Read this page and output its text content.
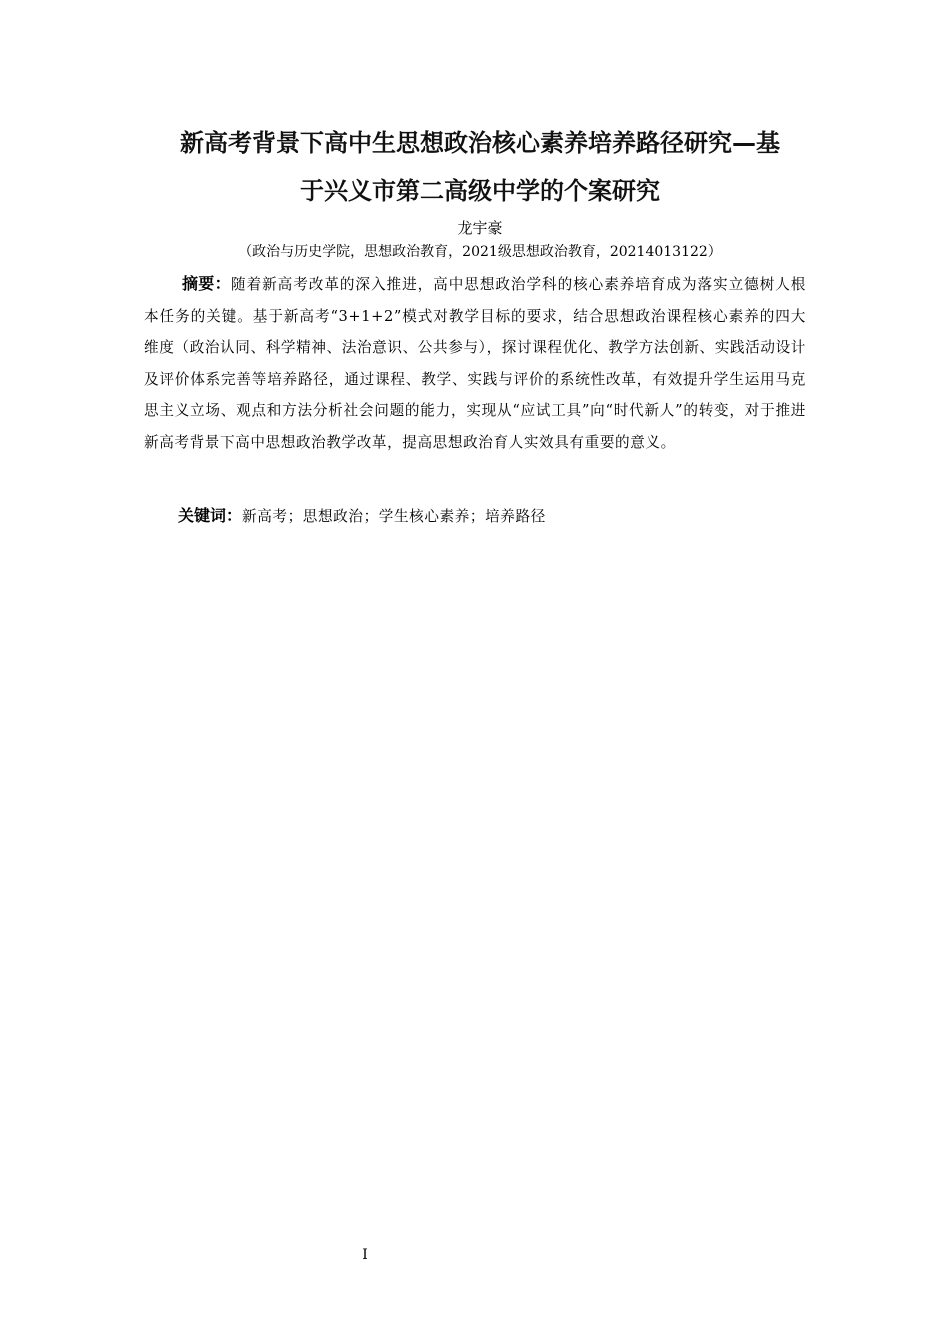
新高考背景下高中生思想政治核心素养培养路径研究—基
于兴义市第二高级中学的个案研究
龙宇豪
（政治与历史学院，思想政治教育，2021级思想政治教育，20214013122）
摘要：随着新高考改革的深入推进，高中思想政治学科的核心素养培育成为落实立德树人根本任务的关键。基于新高考“3+1+2”模式对教学目标的要求，结合思想政治课程核心素养的四大维度（政治认同、科学精神、法治意识、公共参与），探讨课程优化、教学方法创新、实践活动设计及评价体系完善等培养路径，通过课程、教学、实践与评价的系统性改革，有效提升学生运用马克思主义立场、观点和方法分析社会问题的能力，实现从“应试工具”向“时代新人”的转变，对于推进新高考背景下高中思想政治教学改革，提高思想政治育人实效具有重要的意义。
关键词：新高考；思想政治；学生核心素养；培养路径
I
